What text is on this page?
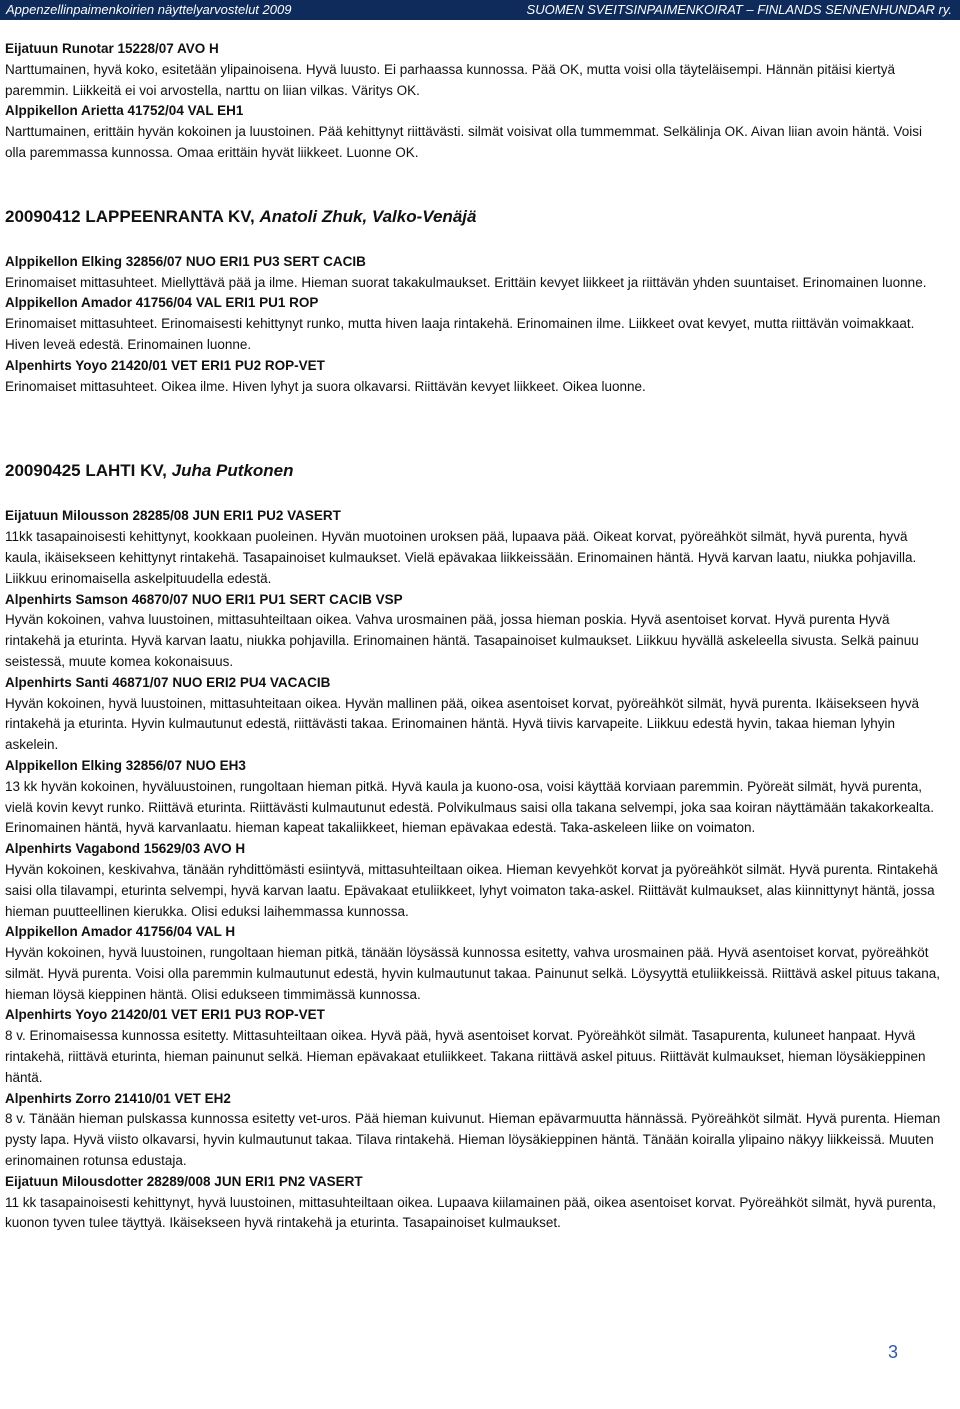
Appenzellinpaimenkoirien näyttelyarvostelut 2009	SUOMEN SVEITSINPAIMENKOIRAT – FINLANDS SENNENHUNDAR ry.

Eijatuun Runotar 15228/07 AVO H
Narttumainen, hyvä koko, esitetään ylipainoisena. Hyvä luusto. Ei parhaassa kunnossa. Pää OK, mutta voisi olla täyteläisempi. Hännän pitäisi kiertyä paremmin. Liikkeitä ei voi arvostella, narttu on liian vilkas. Väritys OK.

Alppikellon Arietta 41752/04 VAL EH1
Narttumainen, erittäin hyvän kokoinen ja luustoinen. Pää kehittynyt riittävästi. silmät voisivat olla tummemmat. Selkälinja OK. Aivan liian avoin häntä. Voisi olla paremmassa kunnossa. Omaa erittäin hyvät liikkeet. Luonne OK.

20090412 LAPPEENRANTA KV, Anatoli Zhuk, Valko-Venäjä

Alppikellon Elking 32856/07 NUO ERI1 PU3 SERT CACIB
Erinomaiset mittasuhteet. Miellyttävä pää ja ilme. Hieman suorat takakulmaukset. Erittäin kevyet liikkeet ja riittävän yhden suuntaiset. Erinomainen luonne.

Alppikellon Amador 41756/04 VAL ERI1 PU1 ROP
Erinomaiset mittasuhteet. Erinomaisesti kehittynyt runko, mutta hiven laaja rintakehä. Erinomainen ilme. Liikkeet ovat kevyet, mutta riittävän voimakkaat. Hiven leveä edestä. Erinomainen luonne.

Alpenhirts Yoyo 21420/01 VET ERI1 PU2 ROP-VET
Erinomaiset mittasuhteet. Oikea ilme. Hiven lyhyt ja suora olkavarsi. Riittävän kevyet liikkeet. Oikea luonne.

20090425 LAHTI KV, Juha Putkonen

Eijatuun Milousson 28285/08 JUN ERI1 PU2 VASERT
11kk tasapainoisesti kehittynyt, kookkaan puoleinen. Hyvän muotoinen uroksen pää, lupaava pää. Oikeat korvat, pyöreähköt silmät, hyvä purenta, hyvä kaula, ikäisekseen kehittynyt rintakehä. Tasapainoiset kulmaukset. Vielä epävakaa liikkeissään. Erinomainen häntä. Hyvä karvan laatu, niukka pohjavilla. Liikkuu erinomaisella askelpituudella edestä.

Alpenhirts Samson 46870/07 NUO ERI1 PU1 SERT CACIB VSP
Hyvän kokoinen, vahva luustoinen, mittasuhteiltaan oikea. Vahva urosmainen pää, jossa hieman poskia. Hyvä asentoiset korvat. Hyvä purenta Hyvä rintakehä ja eturinta. Hyvä karvan laatu, niukka pohjavilla. Erinomainen häntä. Tasapainoiset kulmaukset. Liikkuu hyvällä askeleella sivusta. Selkä painuu seistessä, muute komea kokonaisuus.

Alpenhirts Santi 46871/07 NUO ERI2 PU4 VACACIB
Hyvän kokoinen, hyvä luustoinen, mittasuhteitaan oikea. Hyvän mallinen pää, oikea asentoiset korvat, pyöreähköt silmät, hyvä purenta. Ikäisekseen hyvä rintakehä ja eturinta. Hyvin kulmautunut edestä, riittävästi takaa. Erinomainen häntä. Hyvä tiivis karvapeite. Liikkuu edestä hyvin, takaa hieman lyhyin askelein.

Alppikellon Elking 32856/07 NUO EH3
13 kk hyvän kokoinen, hyväluustoinen, rungoltaan hieman pitkä. Hyvä kaula ja kuono-osa, voisi käyttää korviaan paremmin. Pyöreät silmät, hyvä purenta, vielä kovin kevyt runko. Riittävä eturinta. Riittävästi kulmautunut edestä. Polvikulmaus saisi olla takana selvempi, joka saa koiran näyttämään takakorkealta. Erinomainen häntä, hyvä karvanlaatu. hieman kapeat takaliikkeet, hieman epävakaa edestä. Taka-askeleen liike on voimaton.

Alpenhirts Vagabond 15629/03 AVO H
Hyvän kokoinen, keskivahva, tänään ryhdittömästi esiintyvä, mittasuhteiltaan oikea. Hieman kevyehköt korvat ja pyöreähköt silmät. Hyvä purenta. Rintakehä saisi olla tilavampi, eturinta selvempi, hyvä karvan laatu. Epävakaat etuliikkeet, lyhyt voimaton taka-askel. Riittävät kulmaukset, alas kiinnittynyt häntä, jossa hieman puutteellinen kierukka. Olisi eduksi laihemmassa kunnossa.

Alppikellon Amador 41756/04 VAL H
Hyvän kokoinen, hyvä luustoinen, rungoltaan hieman pitkä, tänään löysässä kunnossa esitetty, vahva urosmainen pää. Hyvä asentoiset korvat, pyöreähköt silmät. Hyvä purenta. Voisi olla paremmin kulmautunut edestä, hyvin kulmautunut takaa. Painunut selkä. Löysyyttä etuliikkeissä. Riittävä askel pituus takana, hieman löysä kieppinen häntä. Olisi edukseen timmimässä kunnossa.

Alpenhirts Yoyo 21420/01 VET ERI1 PU3 ROP-VET
8 v. Erinomaisessa kunnossa esitetty. Mittasuhteiltaan oikea. Hyvä pää, hyvä asentoiset korvat. Pyöreähköt silmät. Tasapurenta, kuluneet hanpaat. Hyvä rintakehä, riittävä eturinta, hieman painunut selkä. Hieman epävakaat etuliikkeet. Takana riittävä askel pituus. Riittävät kulmaukset, hieman löysäkieppinen häntä.

Alpenhirts Zorro 21410/01 VET EH2
8 v. Tänään hieman pulskassa kunnossa esitetty vet-uros. Pää hieman kuivunut. Hieman epävarmuutta hännässä. Pyöreähköt silmät. Hyvä purenta. Hieman pysty lapa. Hyvä viisto olkavarsi, hyvin kulmautunut takaa. Tilava rintakehä. Hieman löysäkieppinen häntä. Tänään koiralla ylipaino näkyy liikkeissä. Muuten erinomainen rotunsa edustaja.

Eijatuun Milousdotter 28289/008 JUN ERI1 PN2 VASERT
11 kk tasapainoisesti kehittynyt, hyvä luustoinen, mittasuhteiltaan oikea. Lupaava kiilamainen pää, oikea asentoiset korvat. Pyöreähköt silmät, hyvä purenta, kuonon tyven tulee täyttyä. Ikäisekseen hyvä rintakehä ja eturinta. Tasapainoiset kulmaukset.

3
